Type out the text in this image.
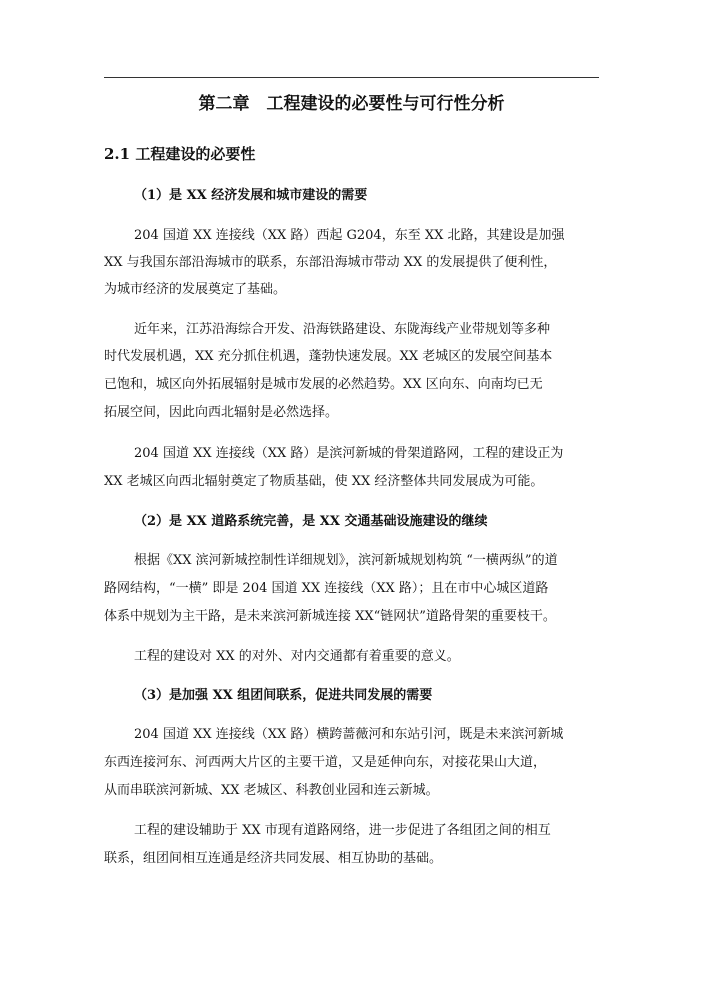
第二章　工程建设的必要性与可行性分析
2.1 工程建设的必要性
（1）是 XX 经济发展和城市建设的需要
204 国道 XX 连接线（XX 路）西起 G204，东至 XX 北路，其建设是加强
XX 与我国东部沿海城市的联系，东部沿海城市带动 XX 的发展提供了便利性，
为城市经济的发展奠定了基础。
近年来，江苏沿海综合开发、沿海铁路建设、东陇海线产业带规划等多种
时代发展机遇，XX 充分抓住机遇，蓬勃快速发展。XX 老城区的发展空间基本
已饱和，城区向外拓展辐射是城市发展的必然趋势。XX 区向东、向南均已无
拓展空间，因此向西北辐射是必然选择。
204 国道 XX 连接线（XX 路）是滨河新城的骨架道路网，工程的建设正为
XX 老城区向西北辐射奠定了物质基础，使 XX 经济整体共同发展成为可能。
（2）是 XX 道路系统完善，是 XX 交通基础设施建设的继续
根据《XX 滨河新城控制性详细规划》，滨河新城规划构筑 “一横两纵”的道
路网结构，“一横” 即是 204 国道 XX 连接线（XX 路）；且在市中心城区道路
体系中规划为主干路，是未来滨河新城连接 XX“链网状”道路骨架的重要枝干。
工程的建设对 XX 的对外、对内交通都有着重要的意义。
（3）是加强 XX 组团间联系，促进共同发展的需要
204 国道 XX 连接线（XX 路）横跨蔷薇河和东站引河，既是未来滨河新城
东西连接河东、河西两大片区的主要干道，又是延伸向东，对接花果山大道，
从而串联滨河新城、XX 老城区、科教创业园和连云新城。
工程的建设辅助于 XX 市现有道路网络，进一步促进了各组团之间的相互
联系，组团间相互连通是经济共同发展、相互协助的基础。
